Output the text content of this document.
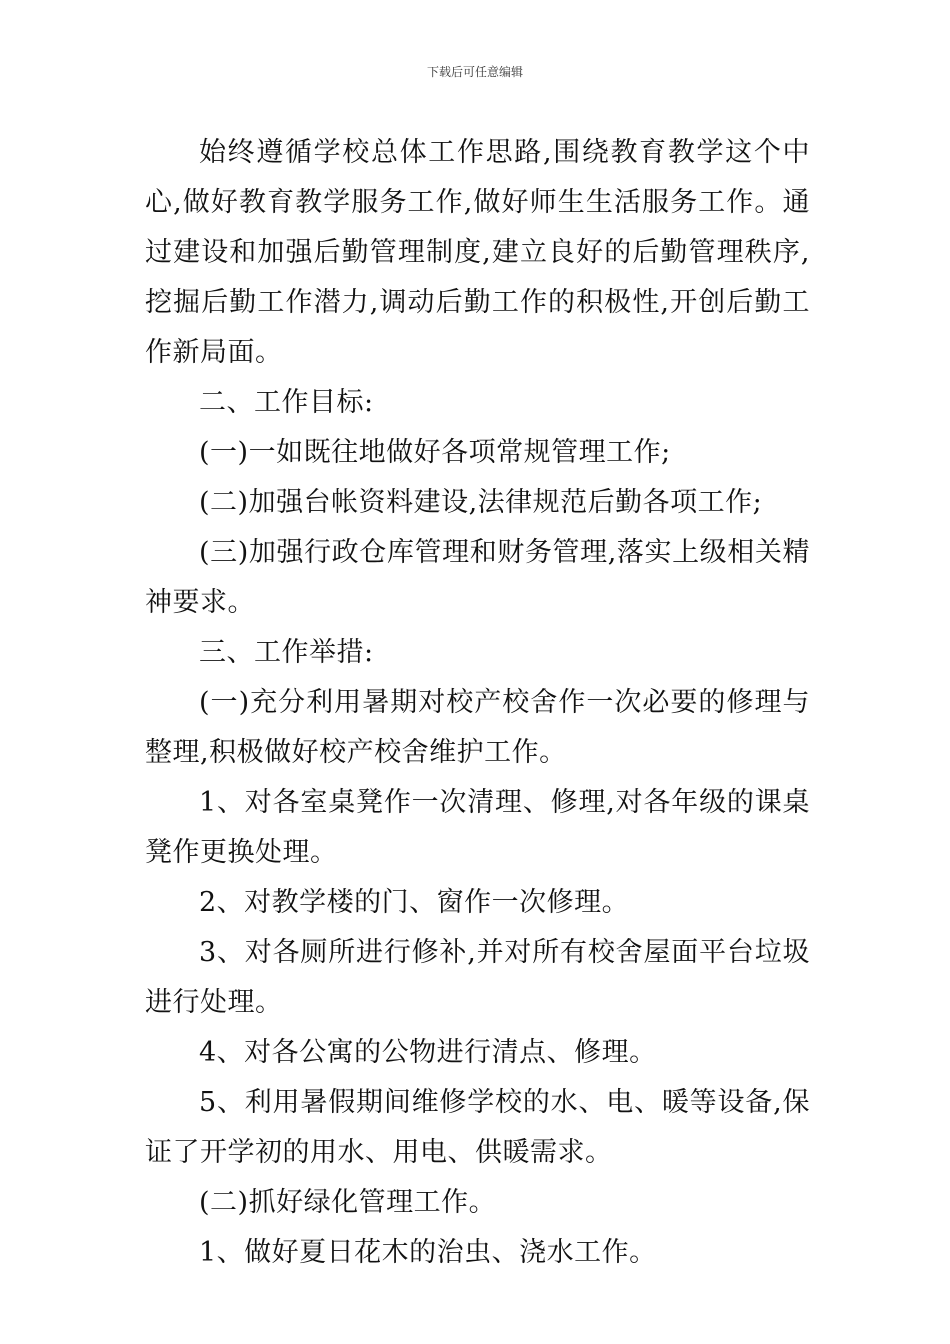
下载后可任意编辑

始终遵循学校总体工作思路,围绕教育教学这个中心,做好教育教学服务工作,做好师生生活服务工作。通过建设和加强后勤管理制度,建立良好的后勤管理秩序,挖掘后勤工作潜力,调动后勤工作的积极性,开创后勤工作新局面。

二、工作目标:

(一)一如既往地做好各项常规管理工作;

(二)加强台帐资料建设,法律规范后勤各项工作;

(三)加强行政仓库管理和财务管理,落实上级相关精神要求。

三、工作举措:

(一)充分利用暑期对校产校舍作一次必要的修理与整理,积极做好校产校舍维护工作。

1、对各室桌凳作一次清理、修理,对各年级的课桌凳作更换处理。

2、对教学楼的门、窗作一次修理。

3、对各厕所进行修补,并对所有校舍屋面平台垃圾进行处理。

4、对各公寓的公物进行清点、修理。

5、利用暑假期间维修学校的水、电、暖等设备,保证了开学初的用水、用电、供暖需求。

(二)抓好绿化管理工作。

1、做好夏日花木的治虫、浇水工作。
